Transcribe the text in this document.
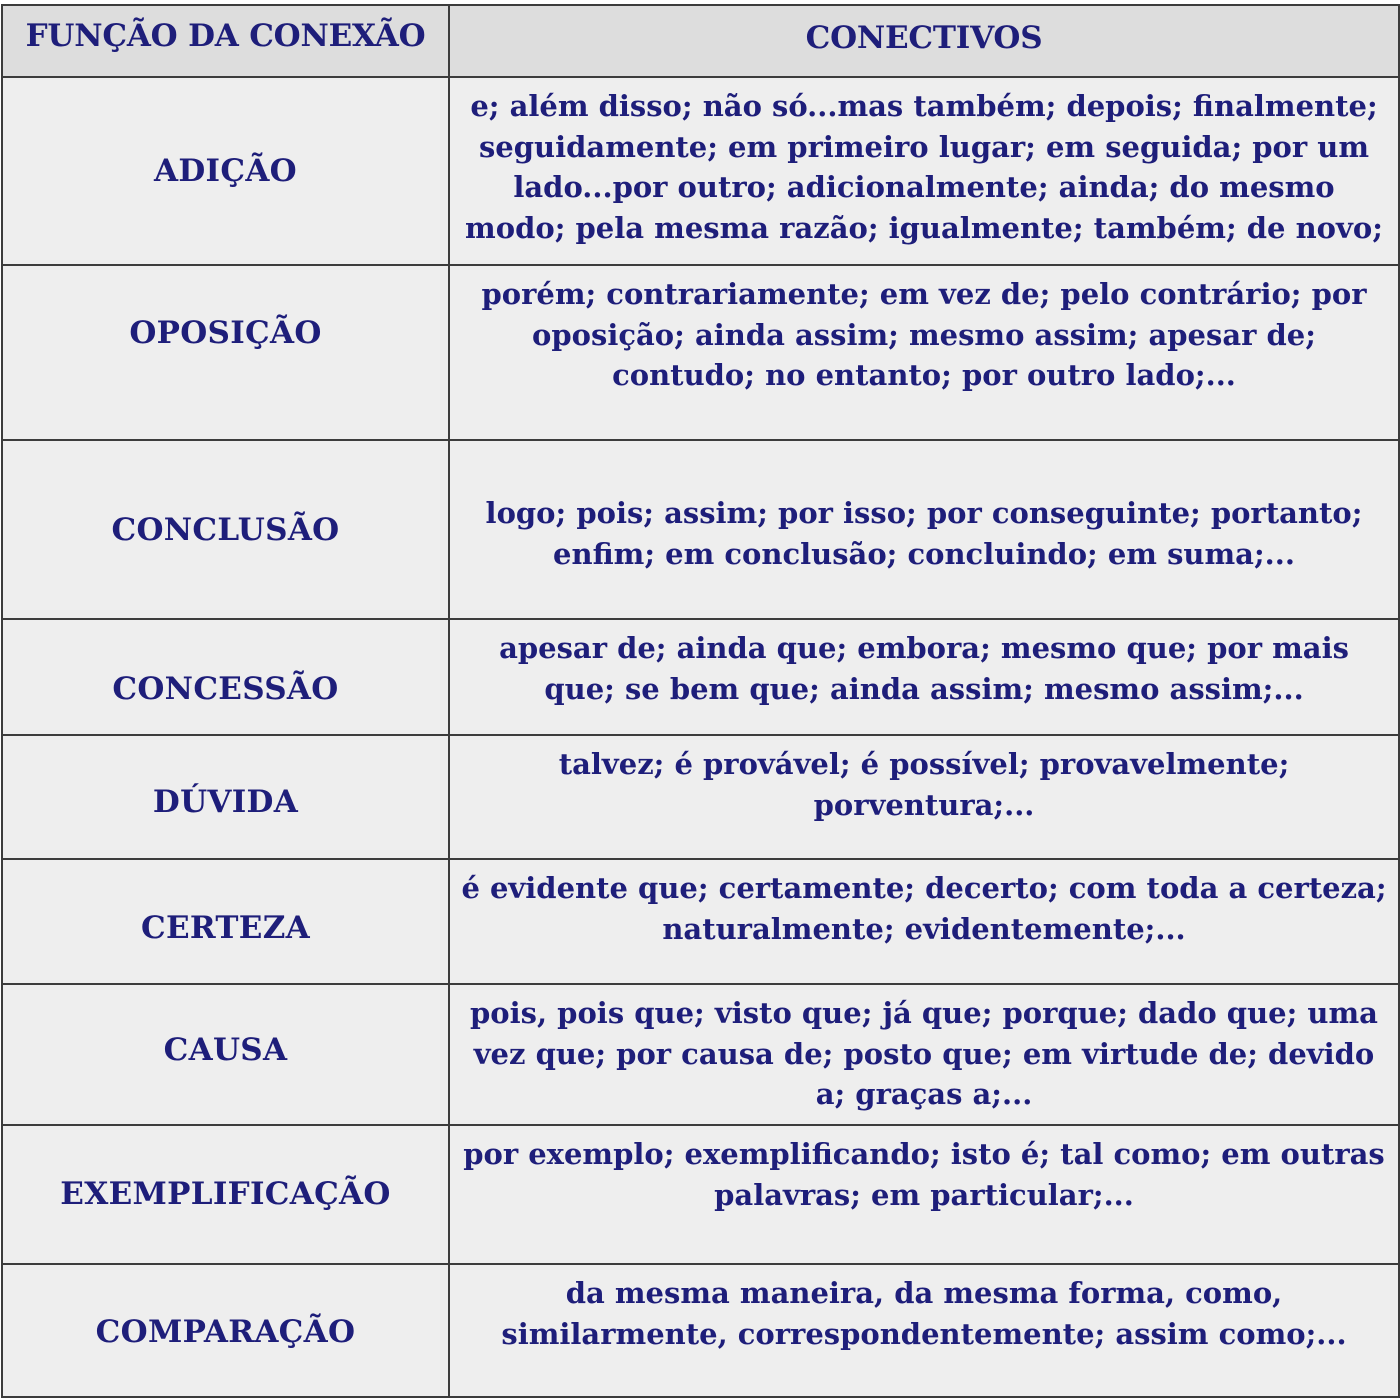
FUNÇÃO DA CONEXÃO	CONECTIVOS
ADIÇÃO
e; além disso; não só...mas também; depois; finalmente; seguidamente; em primeiro lugar; em seguida; por um lado...por outro; adicionalmente; ainda; do mesmo modo; pela mesma razão; igualmente; também; de novo;
OPOSIÇÃO
porém; contrariamente; em vez de; pelo contrário; por oposição; ainda assim; mesmo assim; apesar de; contudo; no entanto; por outro lado;...
CONCLUSÃO	logo; pois; assim; por isso; por conseguinte; portanto; enfim; em conclusão; concluindo; em suma;...
CONCESSÃO
apesar de; ainda que; embora; mesmo que; por mais que; se bem que; ainda assim; mesmo assim;...
DÚVIDA
talvez; é provável; é possível; provavelmente; porventura;...
CERTEZA
é evidente que; certamente; decerto; com toda a certeza; naturalmente; evidentemente;...
CAUSA
pois, pois que; visto que; já que; porque; dado que; uma vez que; por causa de; posto que; em virtude de; devido a; graças a;...
EXEMPLIFICAÇÃO
por exemplo; exemplificando; isto é; tal como; em outras palavras; em particular;...
COMPARAÇÃO
da mesma maneira, da mesma forma, como, similarmente, correspondentemente; assim como;...
